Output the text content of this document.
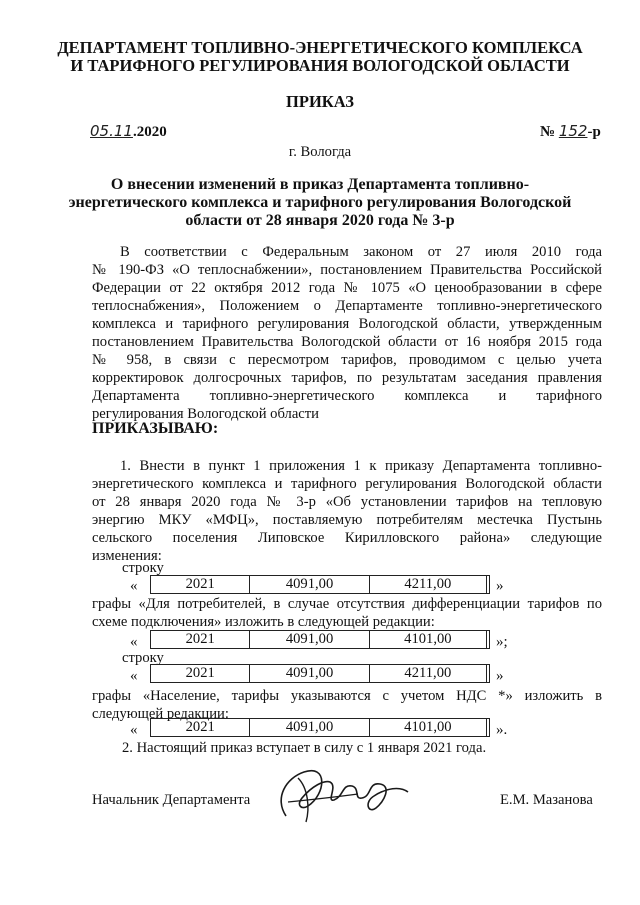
ДЕПАРТАМЕНТ ТОПЛИВНО-ЭНЕРГЕТИЧЕСКОГО КОМПЛЕКСА
И ТАРИФНОГО РЕГУЛИРОВАНИЯ ВОЛОГОДСКОЙ ОБЛАСТИ
ПРИКАЗ
05.11.2020	№ 152-р
г. Вологда
О внесении изменений в приказ Департамента топливно-
энергетического комплекса и тарифного регулирования Вологодской
области от 28 января 2020 года № 3-р
В соответствии с Федеральным законом от 27 июля 2010 года
№ 190-ФЗ «О теплоснабжении», постановлением Правительства Российской
Федерации от 22 октября 2012 года № 1075 «О ценообразовании в сфере
теплоснабжения», Положением о Департаменте топливно-энергетического
комплекса и тарифного регулирования Вологодской области, утвержденным
постановлением Правительства Вологодской области от 16 ноября 2015 года
№ 958, в связи с пересмотром тарифов, проводимом с целью учета
корректировок долгосрочных тарифов, по результатам заседания правления
Департамента топливно-энергетического комплекса и тарифного
регулирования Вологодской области
ПРИКАЗЫВАЮ:
1. Внести в пункт 1 приложения 1 к приказу Департамента топливно-
энергетического комплекса и тарифного регулирования Вологодской области
от 28 января 2020 года № 3-р «Об установлении тарифов на тепловую
энергию МКУ «МФЦ», поставляемую потребителям местечка Пустынь
сельского поселения Липовское Кирилловского района» следующие
изменения:
строку
«	2021	4091,00	4211,00	»
графы «Для потребителей, в случае отсутствия дифференциации тарифов по
схеме подключения» изложить в следующей редакции:
«	2021	4091,00	4101,00	»;
строку
«	2021	4091,00	4211,00	»
графы «Население, тарифы указываются с учетом НДС *» изложить в
следующей редакции:
«	2021	4091,00	4101,00	».
2. Настоящий приказ вступает в силу с 1 января 2021 года.
Начальник Департамента	Е.М. Мазанова
